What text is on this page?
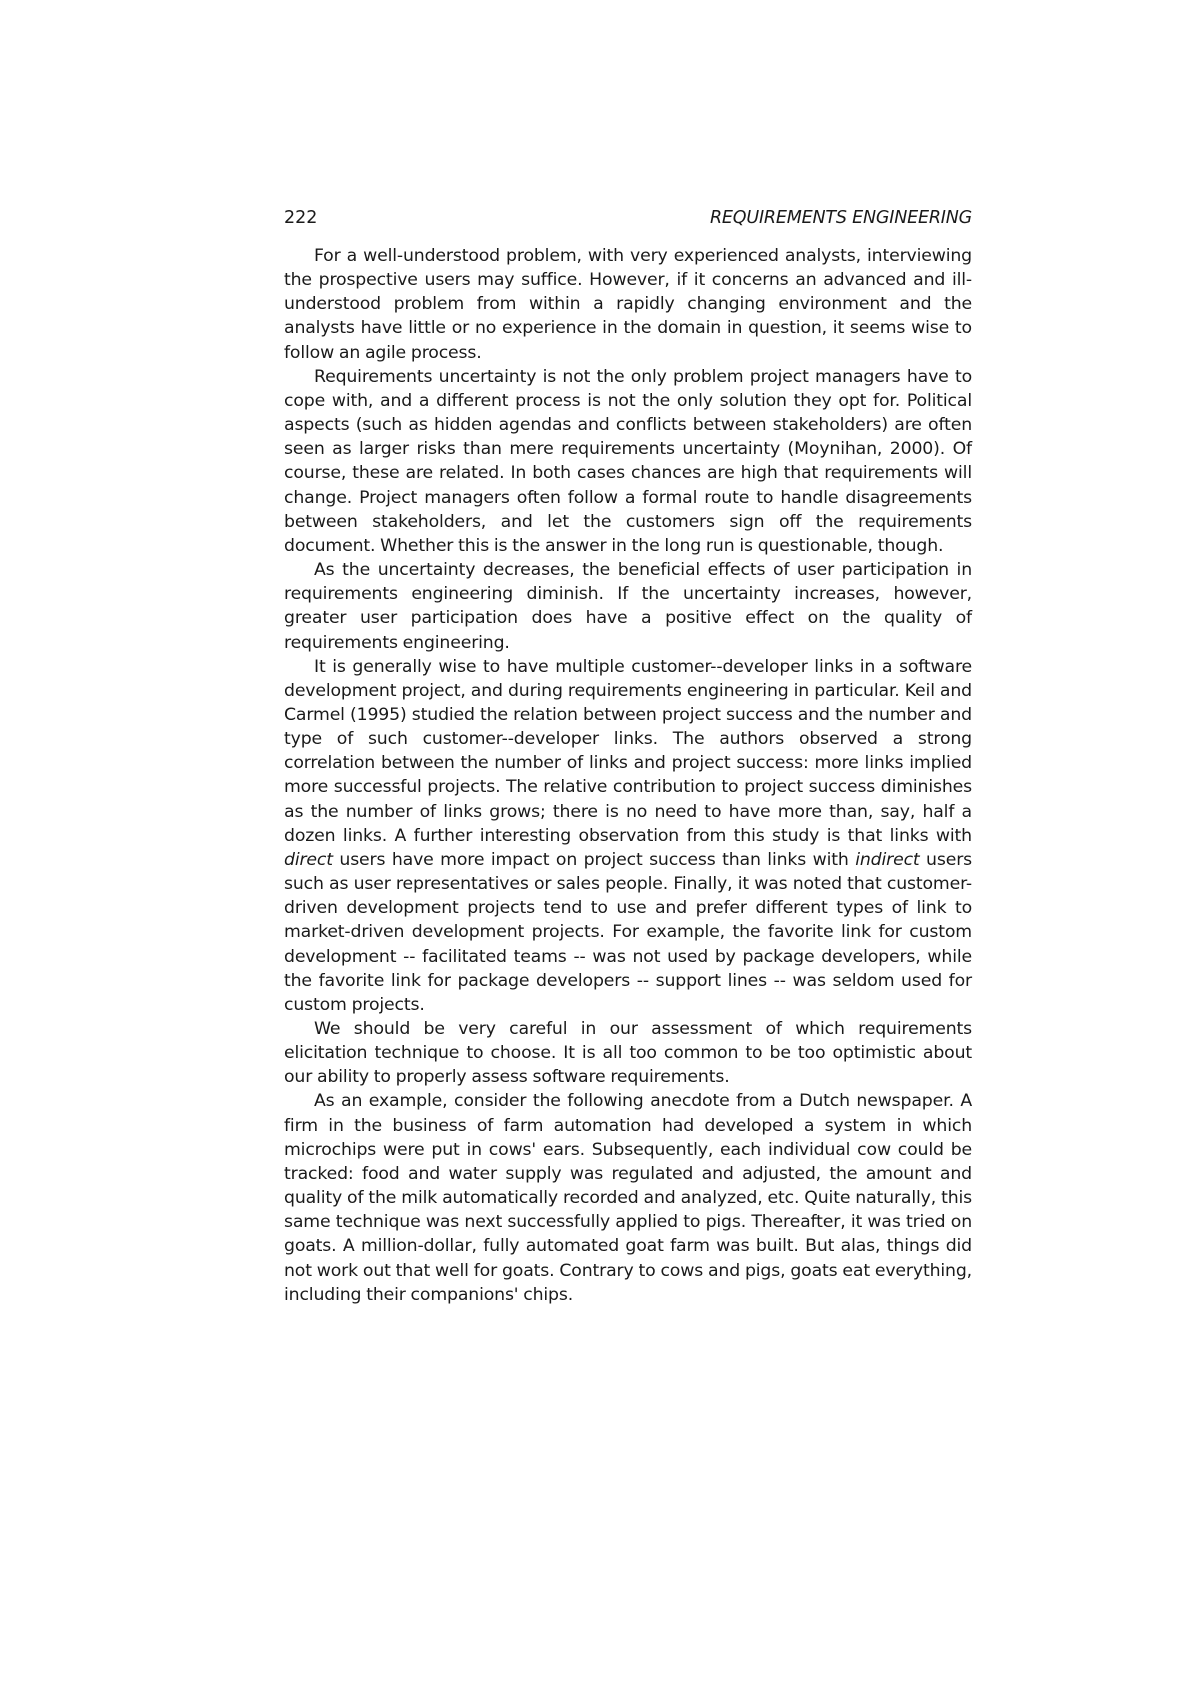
222	REQUIREMENTS ENGINEERING

For a well-understood problem, with very experienced analysts, interviewing the prospective users may suffice. However, if it concerns an advanced and ill-understood problem from within a rapidly changing environment and the analysts have little or no experience in the domain in question, it seems wise to follow an agile process.

Requirements uncertainty is not the only problem project managers have to cope with, and a different process is not the only solution they opt for. Political aspects (such as hidden agendas and conflicts between stakeholders) are often seen as larger risks than mere requirements uncertainty (Moynihan, 2000). Of course, these are related. In both cases chances are high that requirements will change. Project managers often follow a formal route to handle disagreements between stakeholders, and let the customers sign off the requirements document. Whether this is the answer in the long run is questionable, though.

As the uncertainty decreases, the beneficial effects of user participation in requirements engineering diminish. If the uncertainty increases, however, greater user participation does have a positive effect on the quality of requirements engineering.

It is generally wise to have multiple customer--developer links in a software development project, and during requirements engineering in particular. Keil and Carmel (1995) studied the relation between project success and the number and type of such customer--developer links. The authors observed a strong correlation between the number of links and project success: more links implied more successful projects. The relative contribution to project success diminishes as the number of links grows; there is no need to have more than, say, half a dozen links. A further interesting observation from this study is that links with direct users have more impact on project success than links with indirect users such as user representatives or sales people. Finally, it was noted that customer-driven development projects tend to use and prefer different types of link to market-driven development projects. For example, the favorite link for custom development -- facilitated teams -- was not used by package developers, while the favorite link for package developers -- support lines -- was seldom used for custom projects.

We should be very careful in our assessment of which requirements elicitation technique to choose. It is all too common to be too optimistic about our ability to properly assess software requirements.

As an example, consider the following anecdote from a Dutch newspaper. A firm in the business of farm automation had developed a system in which microchips were put in cows' ears. Subsequently, each individual cow could be tracked: food and water supply was regulated and adjusted, the amount and quality of the milk automatically recorded and analyzed, etc. Quite naturally, this same technique was next successfully applied to pigs. Thereafter, it was tried on goats. A million-dollar, fully automated goat farm was built. But alas, things did not work out that well for goats. Contrary to cows and pigs, goats eat everything, including their companions' chips.
